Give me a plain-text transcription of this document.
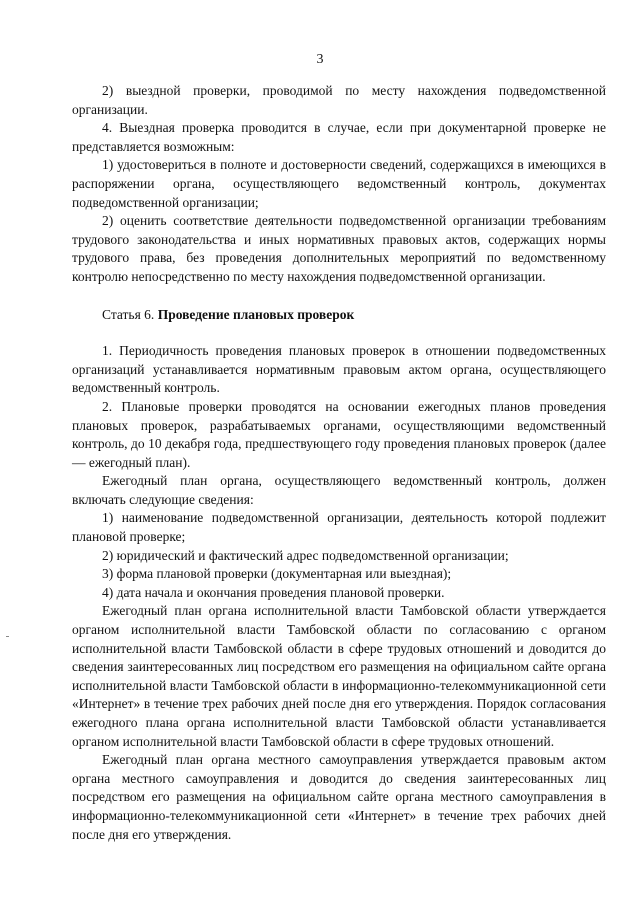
3

2) выездной проверки, проводимой по месту нахождения подведомственной организации.

4. Выездная проверка проводится в случае, если при документарной проверке не представляется возможным:

1) удостовериться в полноте и достоверности сведений, содержащихся в имеющихся в распоряжении органа, осуществляющего ведомственный контроль, документах подведомственной организации;

2) оценить соответствие деятельности подведомственной организации требованиям трудового законодательства и иных нормативных правовых актов, содержащих нормы трудового права, без проведения дополнительных мероприятий по ведомственному контролю непосредственно по месту нахождения подведомственной организации.

Статья 6. Проведение плановых проверок

1. Периодичность проведения плановых проверок в отношении подведомственных организаций устанавливается нормативным правовым актом органа, осуществляющего ведомственный контроль.

2. Плановые проверки проводятся на основании ежегодных планов проведения плановых проверок, разрабатываемых органами, осуществляющими ведомственный контроль, до 10 декабря года, предшествующего году проведения плановых проверок (далее — ежегодный план).

Ежегодный план органа, осуществляющего ведомственный контроль, должен включать следующие сведения:

1) наименование подведомственной организации, деятельность которой подлежит плановой проверке;

2) юридический и фактический адрес подведомственной организации;

3) форма плановой проверки (документарная или выездная);

4) дата начала и окончания проведения плановой проверки.

Ежегодный план органа исполнительной власти Тамбовской области утверждается органом исполнительной власти Тамбовской области по согласованию с органом исполнительной власти Тамбовской области в сфере трудовых отношений и доводится до сведения заинтересованных лиц посредством его размещения на официальном сайте органа исполнительной власти Тамбовской области в информационно-телекоммуникационной сети «Интернет» в течение трех рабочих дней после дня его утверждения. Порядок согласования ежегодного плана органа исполнительной власти Тамбовской области устанавливается органом исполнительной власти Тамбовской области в сфере трудовых отношений.

Ежегодный план органа местного самоуправления утверждается правовым актом органа местного самоуправления и доводится до сведения заинтересованных лиц посредством его размещения на официальном сайте органа местного самоуправления в информационно-телекоммуникационной сети «Интернет» в течение трех рабочих дней после дня его утверждения.
